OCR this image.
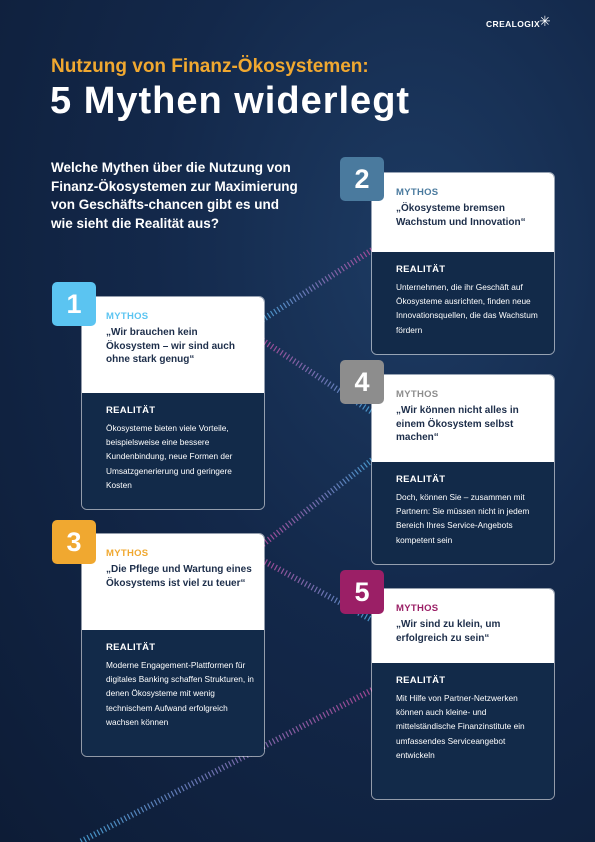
CREALOGIX
✳
Nutzung von Finanz-Ökosystemen:
5 Mythen widerlegt
Welche Mythen über die Nutzung von Finanz-Ökosystemen zur Maximierung von Geschäfts-chancen gibt es und wie sieht die Realität aus?
MYTHOS
„Wir brauchen kein Ökosystem – wir sind auch ohne stark genug“
REALITÄT
Ökosysteme bieten viele Vorteile, beispielsweise eine bessere Kundenbindung, neue Formen der Umsatzgenerierung und geringere Kosten
1
MYTHOS
„Ökosysteme bremsen Wachstum und Innovation“
REALITÄT
Unternehmen, die ihr Geschäft auf Ökosysteme ausrichten, finden neue Innovationsquellen, die das Wachstum fördern
2
MYTHOS
„Die Pflege und Wartung eines Ökosystems ist viel zu teuer“
REALITÄT
Moderne Engagement-Plattformen für digitales Banking schaffen Strukturen, in denen Ökosysteme mit wenig technischem Aufwand erfolgreich wachsen können
3
MYTHOS
„Wir können nicht alles in einem Ökosystem selbst machen“
REALITÄT
Doch, können Sie – zusammen mit Partnern: Sie müssen nicht in jedem Bereich Ihres Service-Angebots kompetent sein
4
MYTHOS
„Wir sind zu klein, um erfolgreich zu sein“
REALITÄT
Mit Hilfe von Partner-Netzwerken können auch kleine- und mittelständische Finanzinstitute ein umfassendes Serviceangebot entwickeln
5
